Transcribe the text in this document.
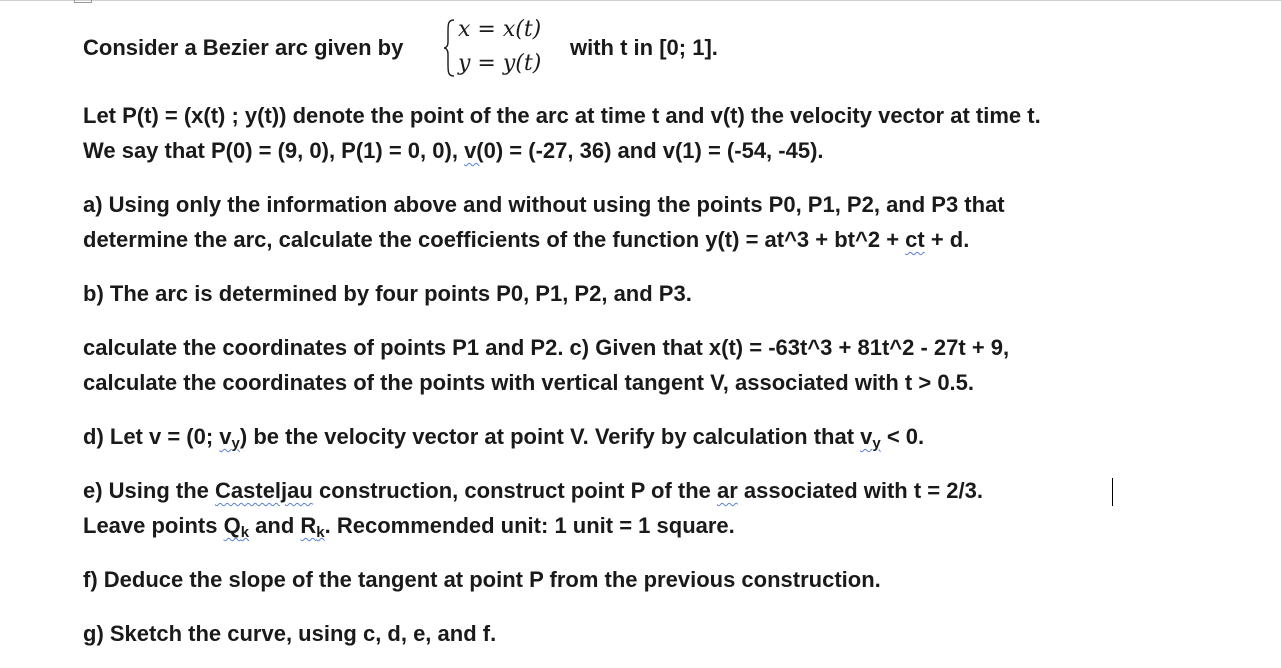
Consider a Bezier arc given by
x = x(t)
y = y(t)
with t in [0; 1].
Let P(t) = (x(t) ; y(t)) denote the point of the arc at time t and v(t) the velocity vector at time t.
We say that P(0) = (9, 0), P(1) = 0, 0), v(0) = (-27, 36) and v(1) = (-54, -45).
a) Using only the information above and without using the points P0, P1, P2, and P3 that
determine the arc, calculate the coefficients of the function y(t) = at^3 + bt^2 + ct + d.
b) The arc is determined by four points P0, P1, P2, and P3.
calculate the coordinates of points P1 and P2. c) Given that x(t) = -63t^3 + 81t^2 - 27t + 9,
calculate the coordinates of the points with vertical tangent V, associated with t > 0.5.
d) Let v = (0; $v_y$) be the velocity vector at point V. Verify by calculation that $v_y < 0$.
e) Using the Casteljau construction, construct point P of the ar associated with t = 2/3.
Leave points $Q_k$ and $R_k$. Recommended unit: 1 unit = 1 square.
f) Deduce the slope of the tangent at point P from the previous construction.
g) Sketch the curve, using c, d, e, and f.
